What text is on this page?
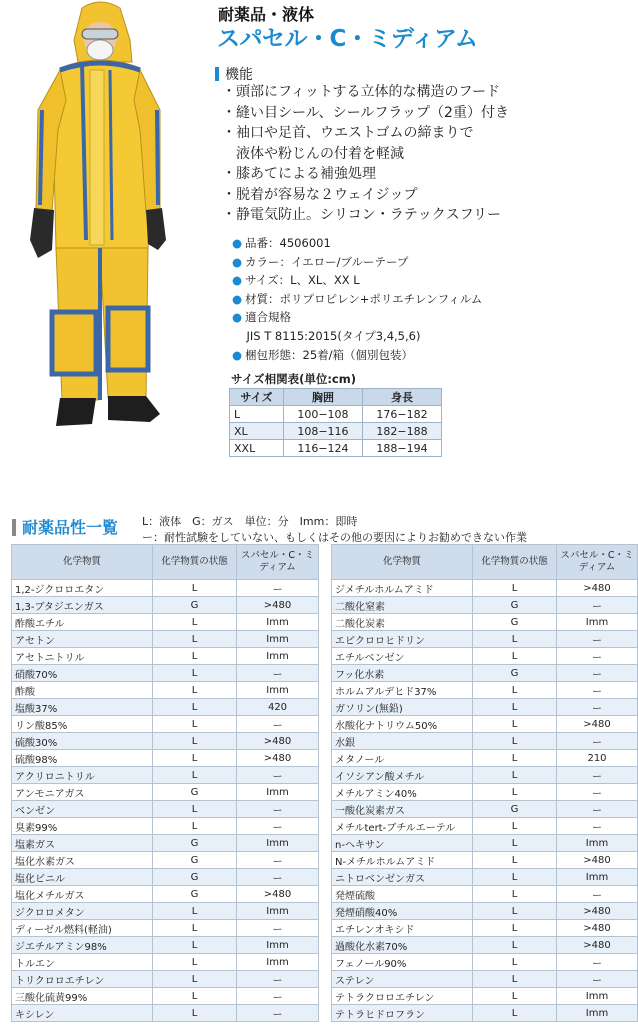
耐薬品・液体
スパセル・C・ミディアム
機能
・頭部にフィットする立体的な構造のフード
・縫い目シール、シールフラップ（2重）付き
・袖口や足首、ウエストゴムの締まりで
　液体や粉じんの付着を軽減
・膝あてによる補強処理
・脱着が容易な２ウェイジップ
・静電気防止。シリコン・ラテックスフリー
● 品番：4506001
● カラー：イエロー/ブルーテープ
● サイズ：L、XL、XX L
● 材質：ポリプロピレン+ポリエチレンフィルム
● 適合規格
　JIS T 8115:2015(タイプ3,4,5,6)
● 梱包形態：25着/箱（個別包装）
サイズ相関表(単位:cm)
サイズ	胸囲	身長
L	100−108	176−182
XL	108−116	182−188
XXL	116−124	188−194
耐薬品性一覧 L：液体　G：ガス　単位：分　Imm：即時
ー：耐性試験をしていない、もしくはその他の要因によりお勧めできない作業
化学物質	化学物質の状態	スパセル・C・ミディアム
1,2-ジクロロエタン	L	ー
1,3-ブタジエンガス	G	>480
酢酸エチル	L	Imm
アセトン	L	Imm
アセトニトリル	L	Imm
硝酸70%	L	ー
酢酸	L	Imm
塩酸37%	L	420
リン酸85%	L	ー
硫酸30%	L	>480
硫酸98%	L	>480
アクリロニトリル	L	ー
アンモニアガス	G	Imm
ベンゼン	L	ー
臭素99%	L	ー
塩素ガス	G	Imm
塩化水素ガス	G	ー
塩化ビニル	G	ー
塩化メチルガス	G	>480
ジクロロメタン	L	Imm
ディーゼル燃料(軽油)	L	ー
ジエチルアミン98%	L	Imm
トルエン	L	Imm
トリクロロエチレン	L	ー
三酸化硫黄99%	L	ー
キシレン	L	ー
化学物質	化学物質の状態	スパセル・C・ミディアム
ジメチルホルムアミド	L	>480
二酸化窒素	G	ー
二酸化炭素	G	Imm
エピクロロヒドリン	L	ー
エチルベンゼン	L	ー
フッ化水素	G	ー
ホルムアルデヒド37%	L	ー
ガソリン(無鉛)	L	ー
水酸化ナトリウム50%	L	>480
水銀	L	ー
メタノール	L	210
イソシアン酸メチル	L	ー
メチルアミン40%	L	ー
一酸化炭素ガス	G	ー
メチルtert-ブチルエーテル	L	ー
n-ヘキサン	L	Imm
N-メチルホルムアミド	L	>480
ニトロベンゼンガス	L	Imm
発煙硫酸	L	ー
発煙硝酸40%	L	>480
エチレンオキシド	L	>480
過酸化水素70%	L	>480
フェノール90%	L	ー
ステレン	L	ー
テトラクロロエチレン	L	Imm
テトラヒドロフラン	L	Imm
